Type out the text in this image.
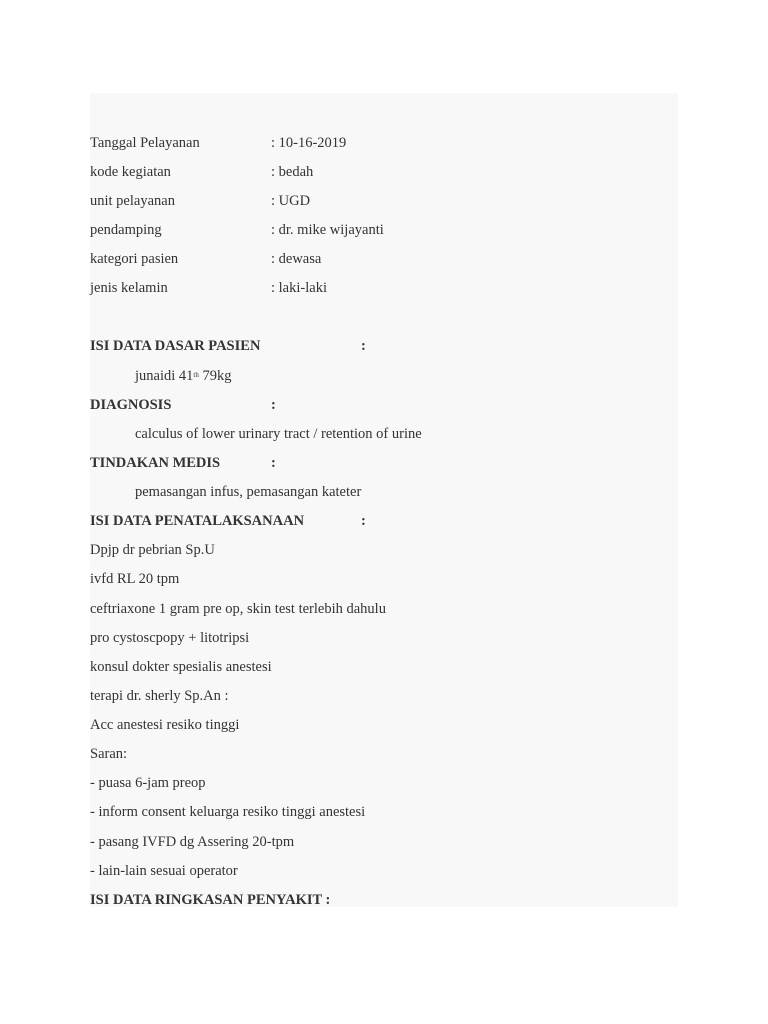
Tanggal Pelayanan	: 10-16-2019
kode kegiatan	: bedah
unit pelayanan	: UGD
pendamping	: dr. mike wijayanti
kategori pasien	: dewasa
jenis kelamin	: laki-laki
ISI DATA DASAR PASIEN	:
junaidi 41th 79kg
DIAGNOSIS	:
calculus of lower urinary tract / retention of urine
TINDAKAN MEDIS	:
pemasangan infus, pemasangan kateter
ISI DATA PENATALAKSANAAN	:
Dpjp dr pebrian Sp.U
ivfd RL 20 tpm
ceftriaxone 1 gram pre op, skin test terlebih dahulu
pro cystoscpopy + litotripsi
konsul dokter spesialis anestesi
terapi dr. sherly Sp.An :
Acc anestesi resiko tinggi
Saran:
- puasa 6-jam preop
- inform consent keluarga resiko tinggi anestesi
- pasang IVFD dg Assering 20-tpm
- lain-lain sesuai operator
ISI DATA RINGKASAN PENYAKIT :
